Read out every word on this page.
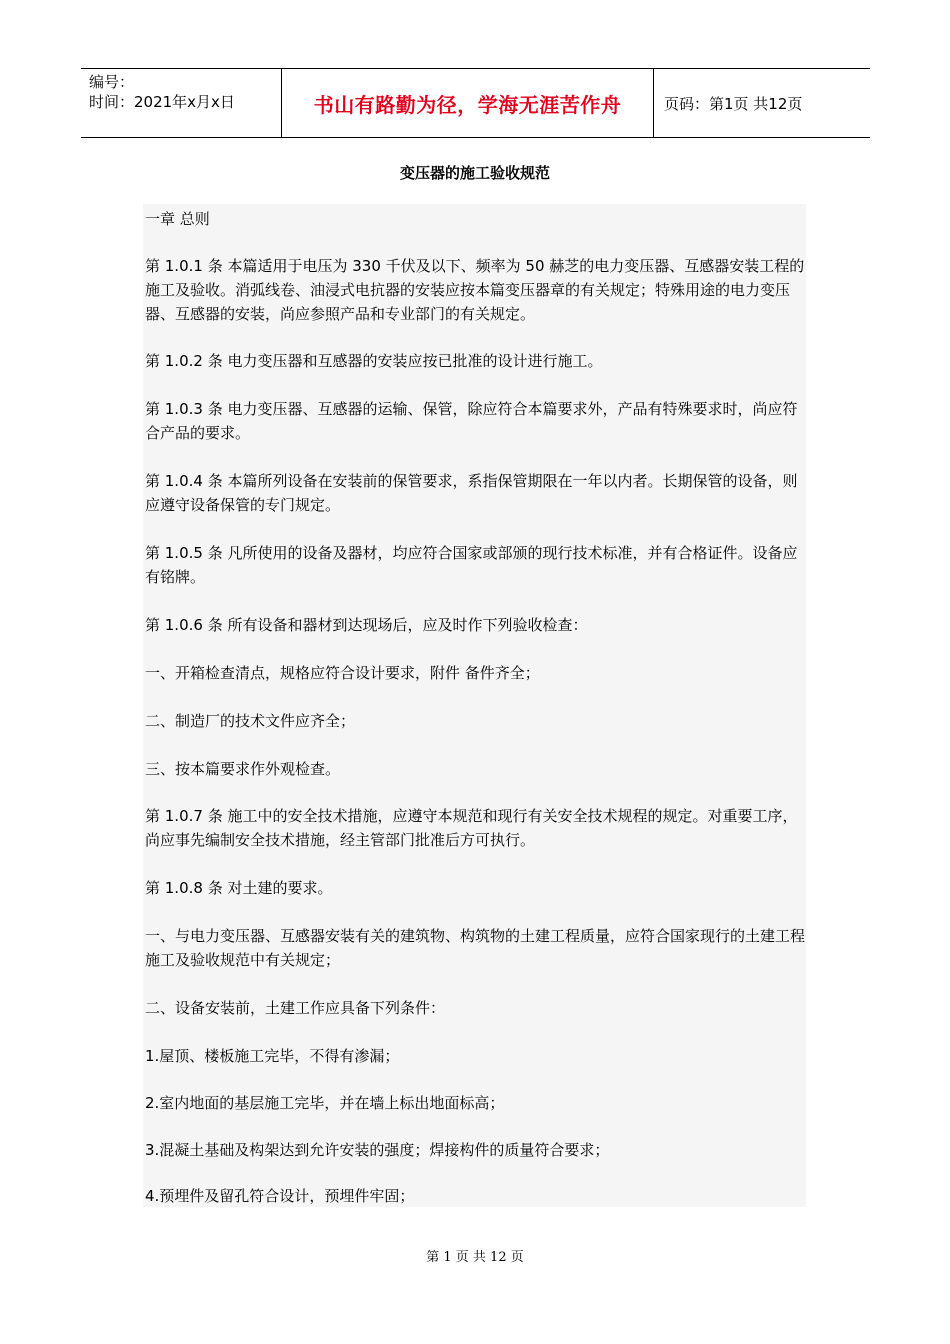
编号：
时间：2021年x月x日	书山有路勤为径，学海无涯苦作舟	页码：第1页 共12页
变压器的施工验收规范
一章 总则
第 1.0.1 条 本篇适用于电压为 330 千伏及以下、频率为 50 赫芝的电力变压器、互感器安装工程的施工及验收。消弧线卷、油浸式电抗器的安装应按本篇变压器章的有关规定；特殊用途的电力变压器、互感器的安装，尚应参照产品和专业部门的有关规定。
第 1.0.2 条 电力变压器和互感器的安装应按已批准的设计进行施工。
第 1.0.3 条 电力变压器、互感器的运输、保管，除应符合本篇要求外，产品有特殊要求时，尚应符合产品的要求。
第 1.0.4 条 本篇所列设备在安装前的保管要求，系指保管期限在一年以内者。长期保管的设备，则应遵守设备保管的专门规定。
第 1.0.5 条 凡所使用的设备及器材，均应符合国家或部颁的现行技术标准，并有合格证件。设备应有铭牌。
第 1.0.6 条 所有设备和器材到达现场后，应及时作下列验收检查：
一、开箱检查清点，规格应符合设计要求，附件 备件齐全；
二、制造厂的技术文件应齐全；
三、按本篇要求作外观检查。
第 1.0.7 条 施工中的安全技术措施，应遵守本规范和现行有关安全技术规程的规定。对重要工序，尚应事先编制安全技术措施，经主管部门批准后方可执行。
第 1.0.8 条 对土建的要求。
一、与电力变压器、互感器安装有关的建筑物、构筑物的土建工程质量，应符合国家现行的土建工程施工及验收规范中有关规定；
二、设备安装前，土建工作应具备下列条件：
1.屋顶、楼板施工完毕，不得有渗漏；
2.室内地面的基层施工完毕，并在墙上标出地面标高；
3.混凝土基础及构架达到允许安装的强度；焊接构件的质量符合要求；
4.预埋件及留孔符合设计，预埋件牢固；
第 1 页 共 12 页
